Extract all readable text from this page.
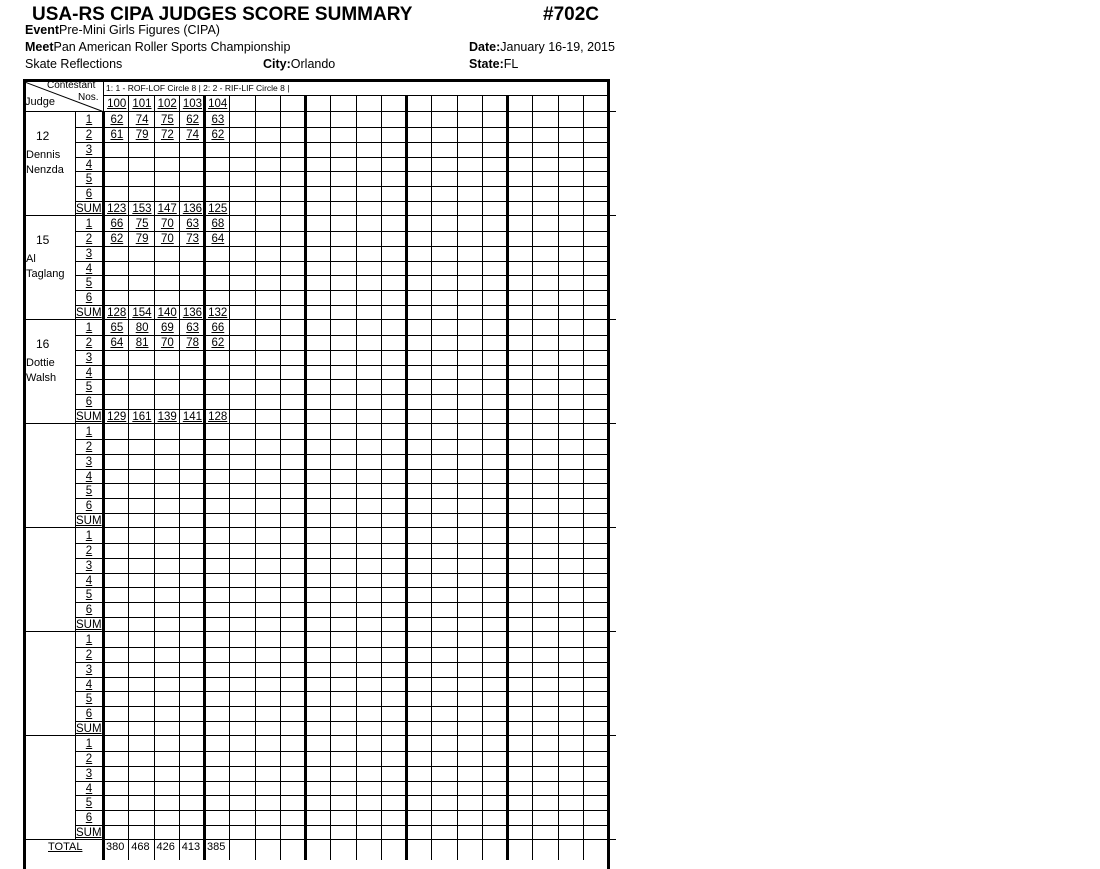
USA-RS CIPA JUDGES SCORE SUMMARY	#702C
EventPre-Mini Girls Figures (CIPA)
MeetPan American Roller Sports Championship	Date:January 16-19, 2015
Skate Reflections	City:Orlando	State:FL
Contestant
Nos.
Judge
1: 1 - ROF-LOF Circle 8 | 2: 2 - RIF-LIF Circle 8 |
100 101 102 103 104
1	62	74	75	62	63
2	61	79	72	74	62
3
4
5
6
SUM 123 153 147 136 125
12
Dennis
Nenzda
1	66	75	70	63	68
2	62	79	70	73	64
3
4
5
6
SUM 128 154 140 136 132
15
Al
Taglang
1	65	80	69	63	66
2	64	81	70	78	62
3
4
5
6
SUM 129 161 139 141 128
16
Dottie
Walsh
1
2
3
4
5
6
SUM
1
2
3
4
5
6
SUM
1
2
3
4
5
6
SUM
1
2
3
4
5
6
SUM
TOTAL 380 468 426 413 385
